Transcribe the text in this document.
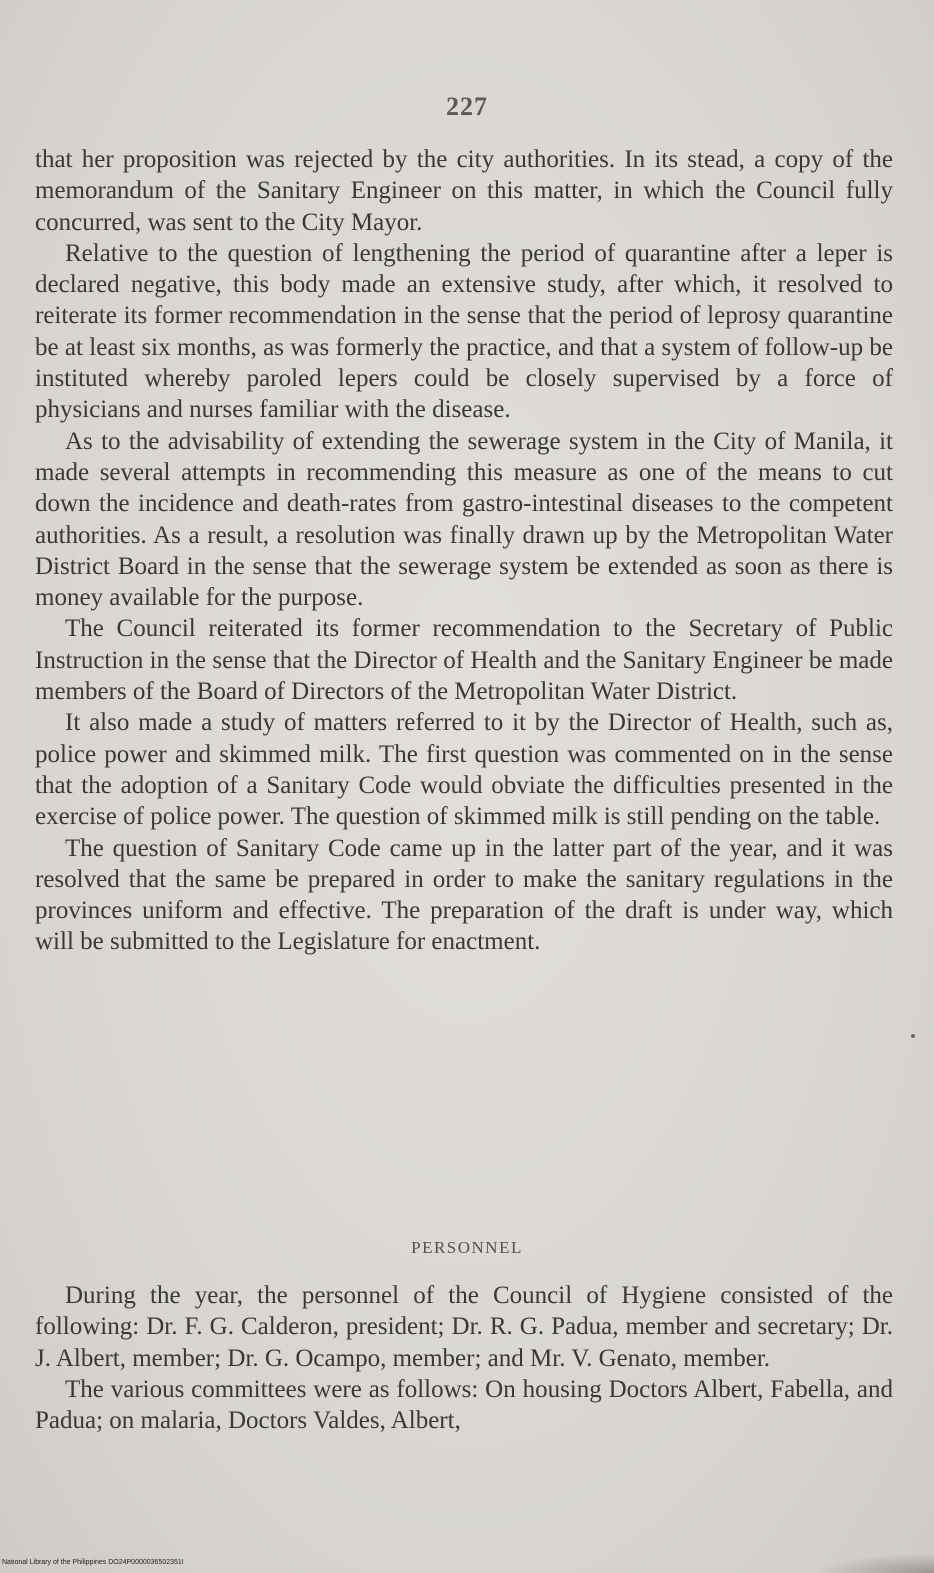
227

that her proposition was rejected by the city authorities. In its stead, a copy of the memorandum of the Sanitary Engineer on this matter, in which the Council fully concurred, was sent to the City Mayor.

Relative to the question of lengthening the period of quarantine after a leper is declared negative, this body made an extensive study, after which, it resolved to reiterate its former recommendation in the sense that the period of leprosy quarantine be at least six months, as was formerly the practice, and that a system of follow-up be instituted whereby paroled lepers could be closely supervised by a force of physicians and nurses familiar with the disease.

As to the advisability of extending the sewerage system in the City of Manila, it made several attempts in recommending this measure as one of the means to cut down the incidence and death-rates from gastro-intestinal diseases to the competent authorities. As a result, a resolution was finally drawn up by the Metropolitan Water District Board in the sense that the sewerage system be extended as soon as there is money available for the purpose.

The Council reiterated its former recommendation to the Secretary of Public Instruction in the sense that the Director of Health and the Sanitary Engineer be made members of the Board of Directors of the Metropolitan Water District.

It also made a study of matters referred to it by the Director of Health, such as, police power and skimmed milk. The first question was commented on in the sense that the adoption of a Sanitary Code would obviate the difficulties presented in the exercise of police power. The question of skimmed milk is still pending on the table.

The question of Sanitary Code came up in the latter part of the year, and it was resolved that the same be prepared in order to make the sanitary regulations in the provinces uniform and effective. The preparation of the draft is under way, which will be submitted to the Legislature for enactment.

PERSONNEL

During the year, the personnel of the Council of Hygiene consisted of the following: Dr. F. G. Calderon, president; Dr. R. G. Padua, member and secretary; Dr. J. Albert, member; Dr. G. Ocampo, member; and Mr. V. Genato, member.

The various committees were as follows: On housing Doctors Albert, Fabella, and Padua; on malaria, Doctors Valdes, Albert,

National Library of the Philippines DO24P0000036502351I
